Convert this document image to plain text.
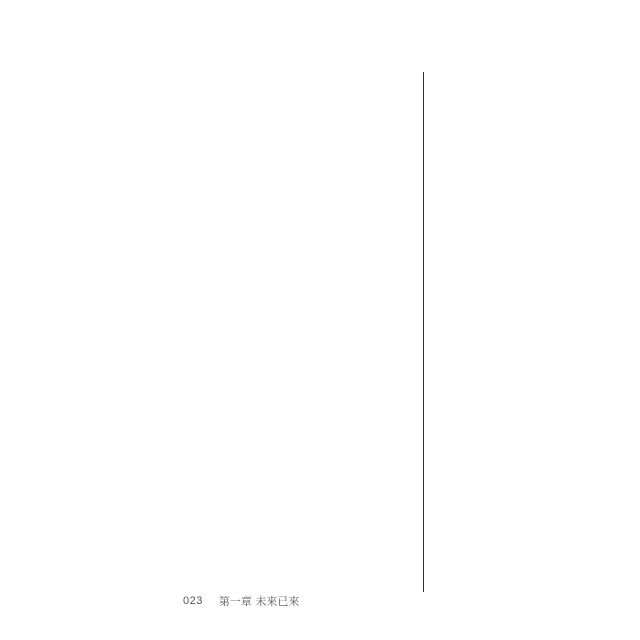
023 第一章 未來已來
